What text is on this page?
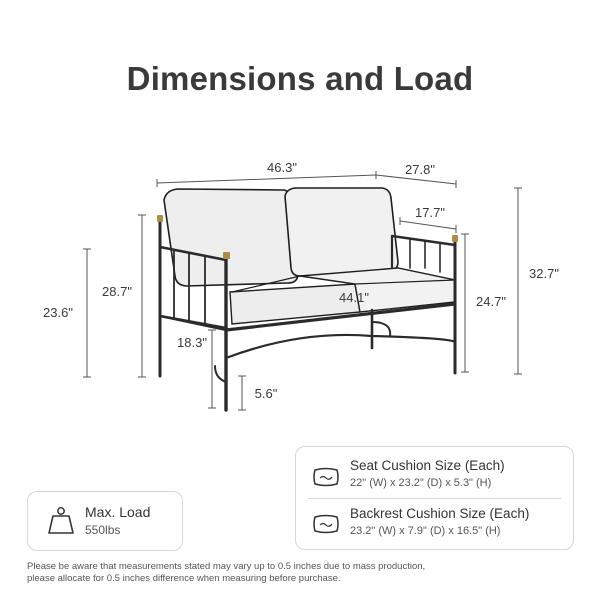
Dimensions and Load
46.3"	27.8"
17.7"
32.7"
24.7"
28.7"
23.6"
44.1"
18.3"
5.6"
Max. Load
550lbs
Seat Cushion Size (Each)
22" (W) x 23.2" (D) x 5.3" (H)
Backrest Cushion Size (Each)
23.2" (W) x 7.9" (D) x 16.5" (H)
Please be aware that measurements stated may vary up to 0.5 inches due to mass production,
please allocate for 0.5 inches difference when measuring before purchase.
